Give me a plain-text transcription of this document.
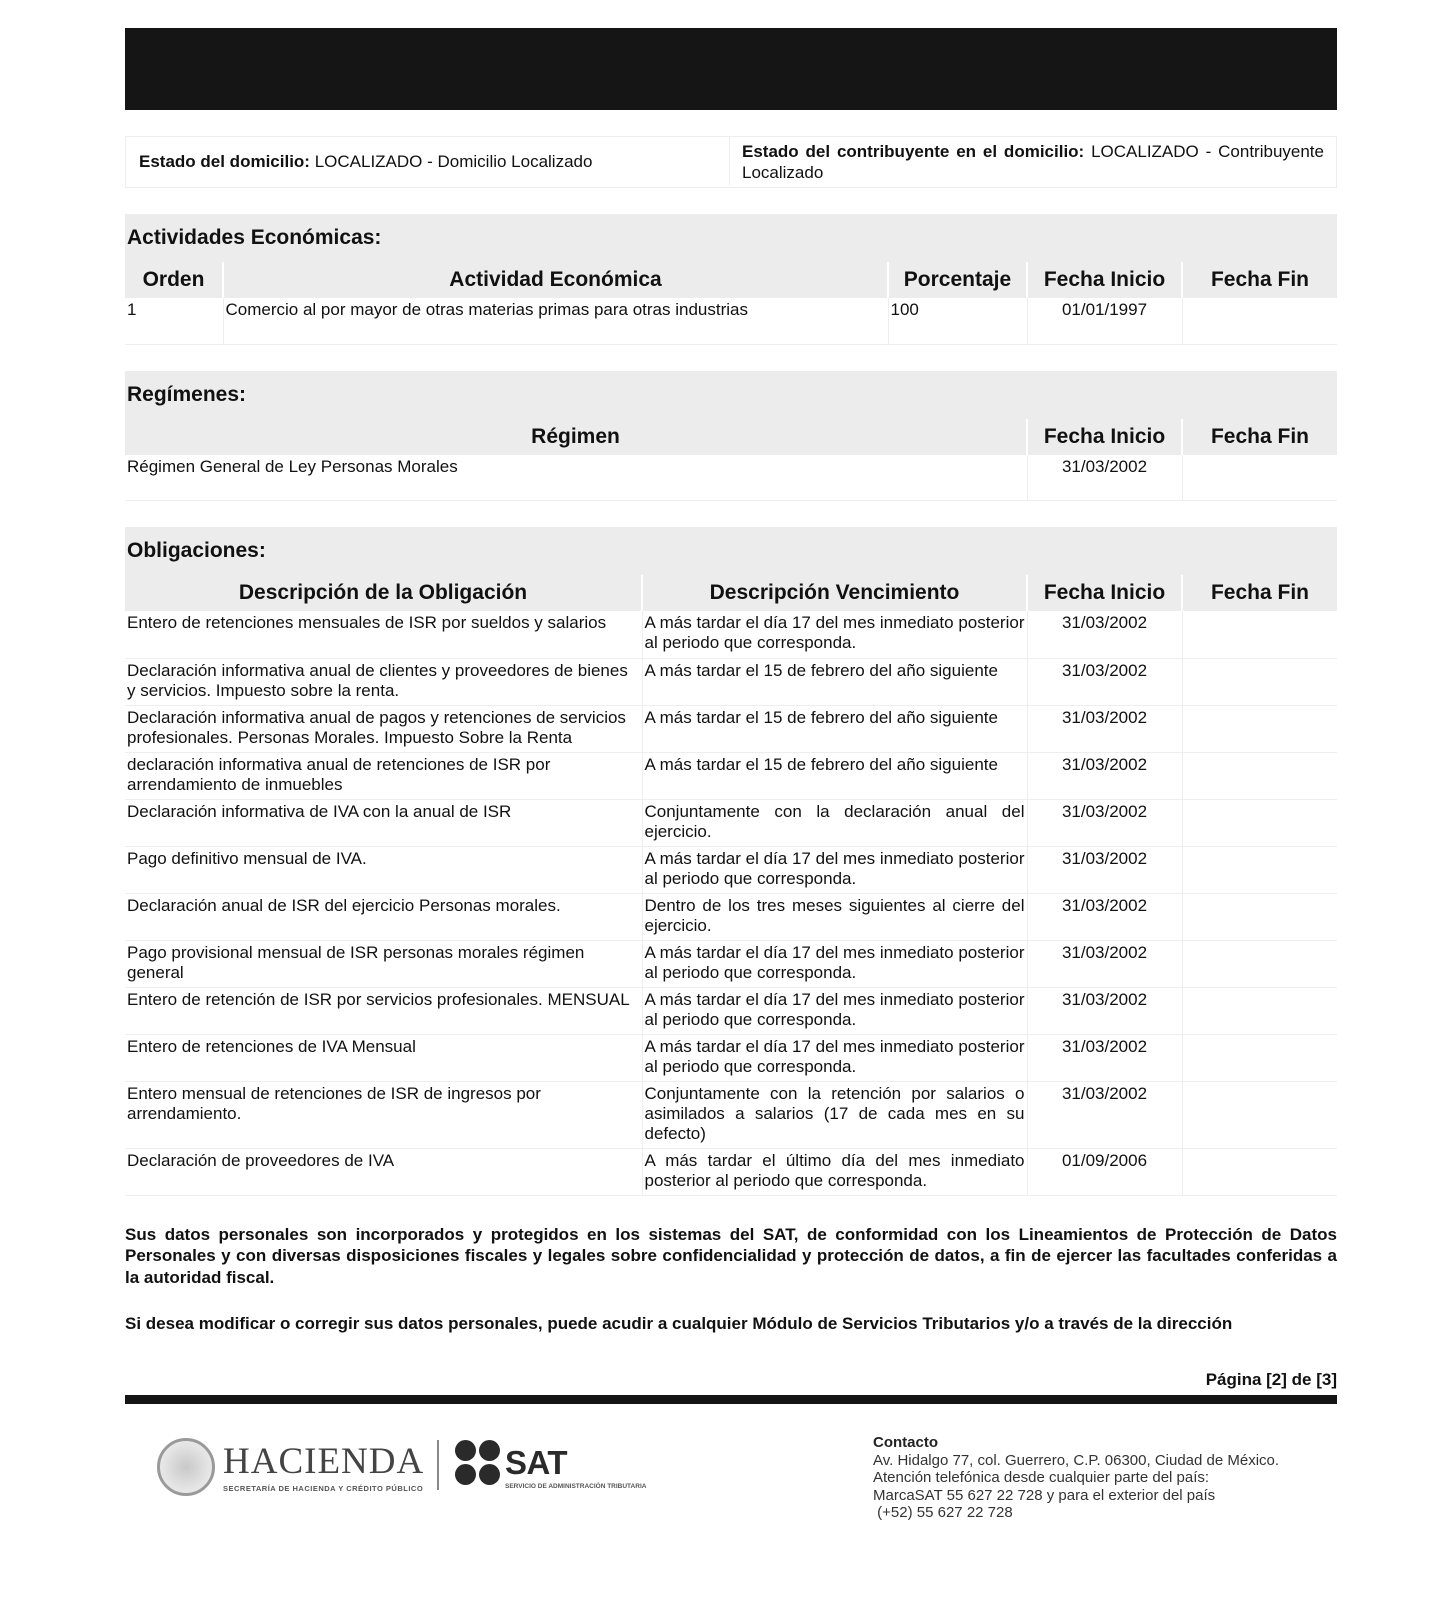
Estado del domicilio: LOCALIZADO - Domicilio Localizado	Estado del contribuyente en el domicilio: LOCALIZADO - Contribuyente Localizado
Actividades Económicas:
Orden	Actividad Económica	Porcentaje	Fecha Inicio	Fecha Fin
1	Comercio al por mayor de otras materias primas para otras industrias	100	01/01/1997	
Regímenes:
Régimen	Fecha Inicio	Fecha Fin
Régimen General de Ley Personas Morales	31/03/2002	
Obligaciones:
Descripción de la Obligación	Descripción Vencimiento	Fecha Inicio	Fecha Fin
Entero de retenciones mensuales de ISR por sueldos y salarios	A más tardar el día 17 del mes inmediato posterior al periodo que corresponda.	31/03/2002	
Declaración informativa anual de clientes y proveedores de bienes y servicios. Impuesto sobre la renta.	A más tardar el 15 de febrero del año siguiente	31/03/2002	
Declaración informativa anual de pagos y retenciones de servicios profesionales. Personas Morales. Impuesto Sobre la Renta	A más tardar el 15 de febrero del año siguiente	31/03/2002	
declaración informativa anual de retenciones de ISR por arrendamiento de inmuebles	A más tardar el 15 de febrero del año siguiente	31/03/2002	
Declaración informativa de IVA con la anual de ISR	Conjuntamente con la declaración anual del ejercicio.	31/03/2002	
Pago definitivo mensual de IVA.	A más tardar el día 17 del mes inmediato posterior al periodo que corresponda.	31/03/2002	
Declaración anual de ISR del ejercicio Personas morales.	Dentro de los tres meses siguientes al cierre del ejercicio.	31/03/2002	
Pago provisional mensual de ISR personas morales régimen general	A más tardar el día 17 del mes inmediato posterior al periodo que corresponda.	31/03/2002	
Entero de retención de ISR por servicios profesionales. MENSUAL	A más tardar el día 17 del mes inmediato posterior al periodo que corresponda.	31/03/2002	
Entero de retenciones de IVA Mensual	A más tardar el día 17 del mes inmediato posterior al periodo que corresponda.	31/03/2002	
Entero mensual de retenciones de ISR de ingresos por arrendamiento.	Conjuntamente con la retención por salarios o asimilados a salarios (17 de cada mes en su defecto)	31/03/2002	
Declaración de proveedores de IVA	A más tardar el último día del mes inmediato posterior al periodo que corresponda.	01/09/2006	
Sus datos personales son incorporados y protegidos en los sistemas del SAT, de conformidad con los Lineamientos de Protección de Datos Personales y con diversas disposiciones fiscales y legales sobre confidencialidad y protección de datos, a fin de ejercer las facultades conferidas a la autoridad fiscal.
Si desea modificar o corregir sus datos personales, puede acudir a cualquier Módulo de Servicios Tributarios y/o a través de la dirección
Página [2] de [3]
HACIENDA
SECRETARÍA DE HACIENDA Y CRÉDITO PÚBLICO
SAT
SERVICIO DE ADMINISTRACIÓN TRIBUTARIA
Contacto
Av. Hidalgo 77, col. Guerrero, C.P. 06300, Ciudad de México.
Atención telefónica desde cualquier parte del país:
MarcaSAT 55 627 22 728 y para el exterior del país
(+52) 55 627 22 728
